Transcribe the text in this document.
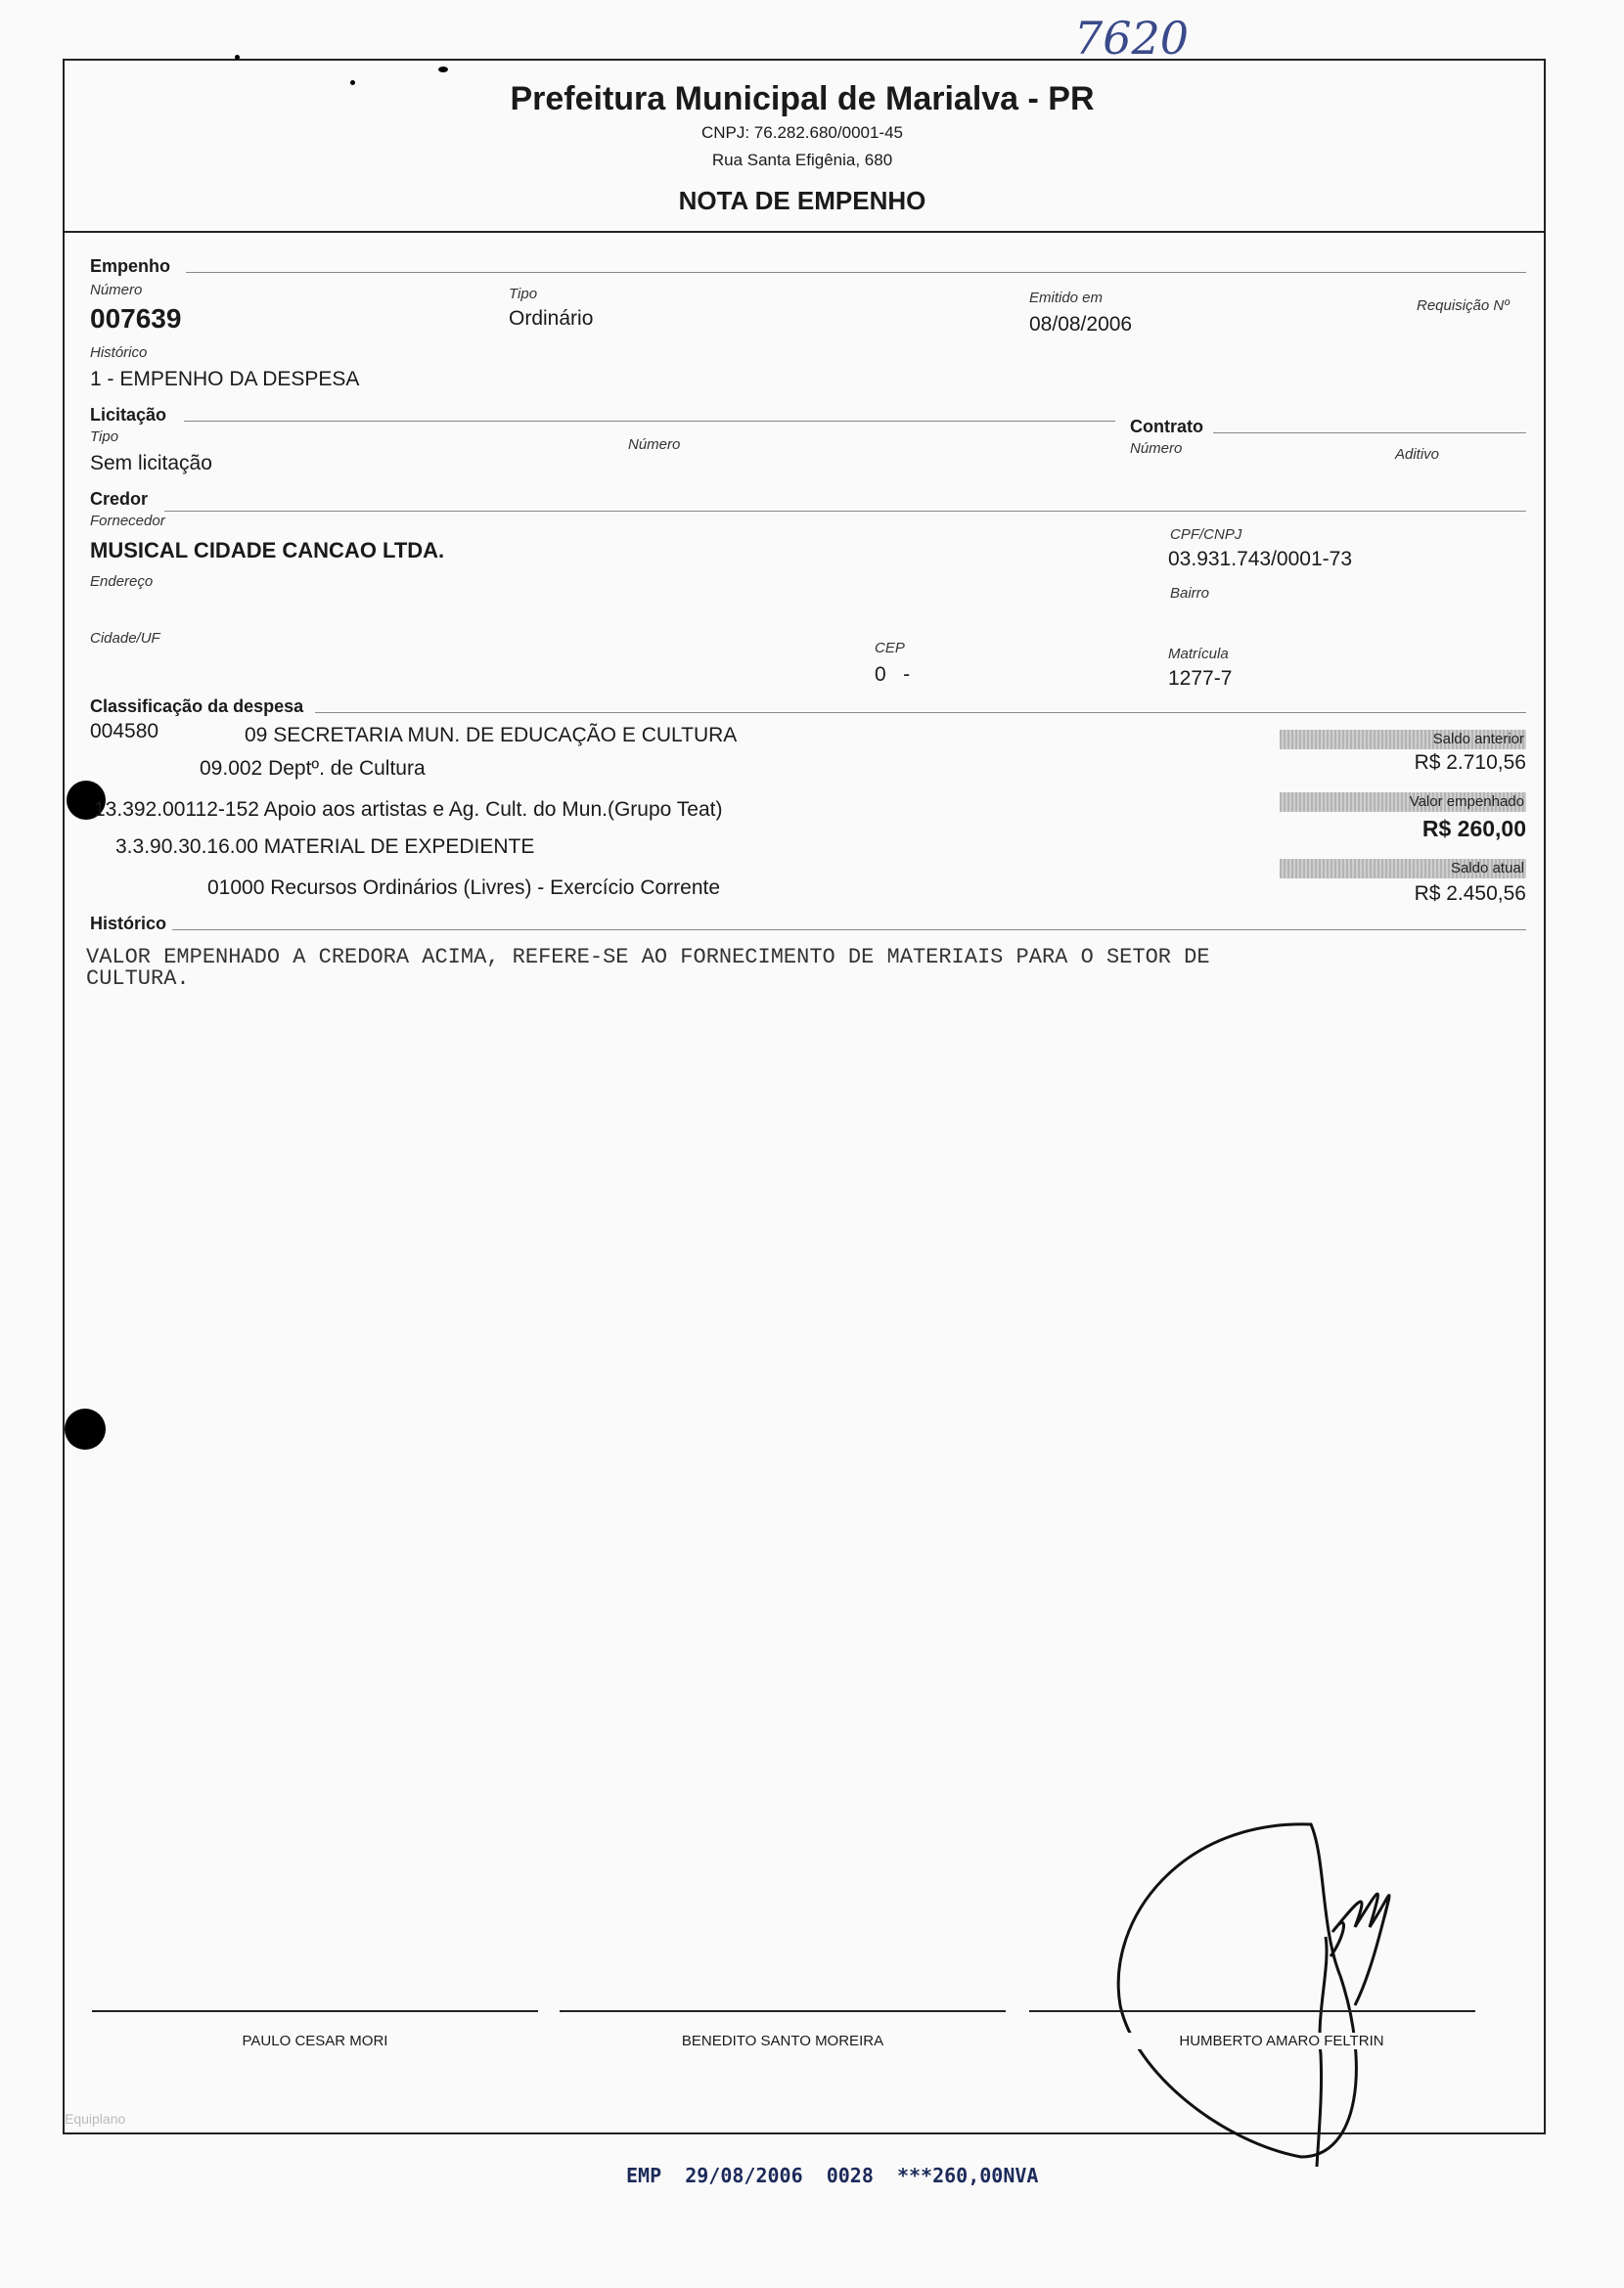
7620
Prefeitura Municipal de Marialva - PR
CNPJ: 76.282.680/0001-45
Rua Santa Efigênia, 680
NOTA DE EMPENHO
Empenho
Número
007639
Tipo
Ordinário
Emitido em
08/08/2006
Requisição Nº
Histórico
1 - EMPENHO DA DESPESA
Licitação
Tipo
Sem licitação
Número
Contrato
Número	Aditivo
Credor
Fornecedor
MUSICAL CIDADE CANCAO LTDA.
CPF/CNPJ
03.931.743/0001-73
Endereço
Bairro
Cidade/UF
CEP
0   -
Matrícula
1277-7
Classificação da despesa
004580	09 SECRETARIA MUN. DE EDUCAÇÃO E CULTURA
09.002 Deptº. de Cultura
13.392.00112-152 Apoio aos artistas e Ag. Cult. do Mun.(Grupo Teat)
3.3.90.30.16.00 MATERIAL DE EXPEDIENTE
01000 Recursos Ordinários (Livres) - Exercício Corrente
Saldo anterior
R$ 2.710,56
Valor empenhado
R$ 260,00
Saldo atual
R$ 2.450,56
Histórico
VALOR EMPENHADO A CREDORA ACIMA, REFERE-SE AO FORNECIMENTO DE MATERIAIS PARA O SETOR DE
CULTURA.
PAULO CESAR MORI	BENEDITO SANTO MOREIRA	HUMBERTO AMARO FELTRIN
Equiplano
EMP  29/08/2006  0028  ***260,00NVA
